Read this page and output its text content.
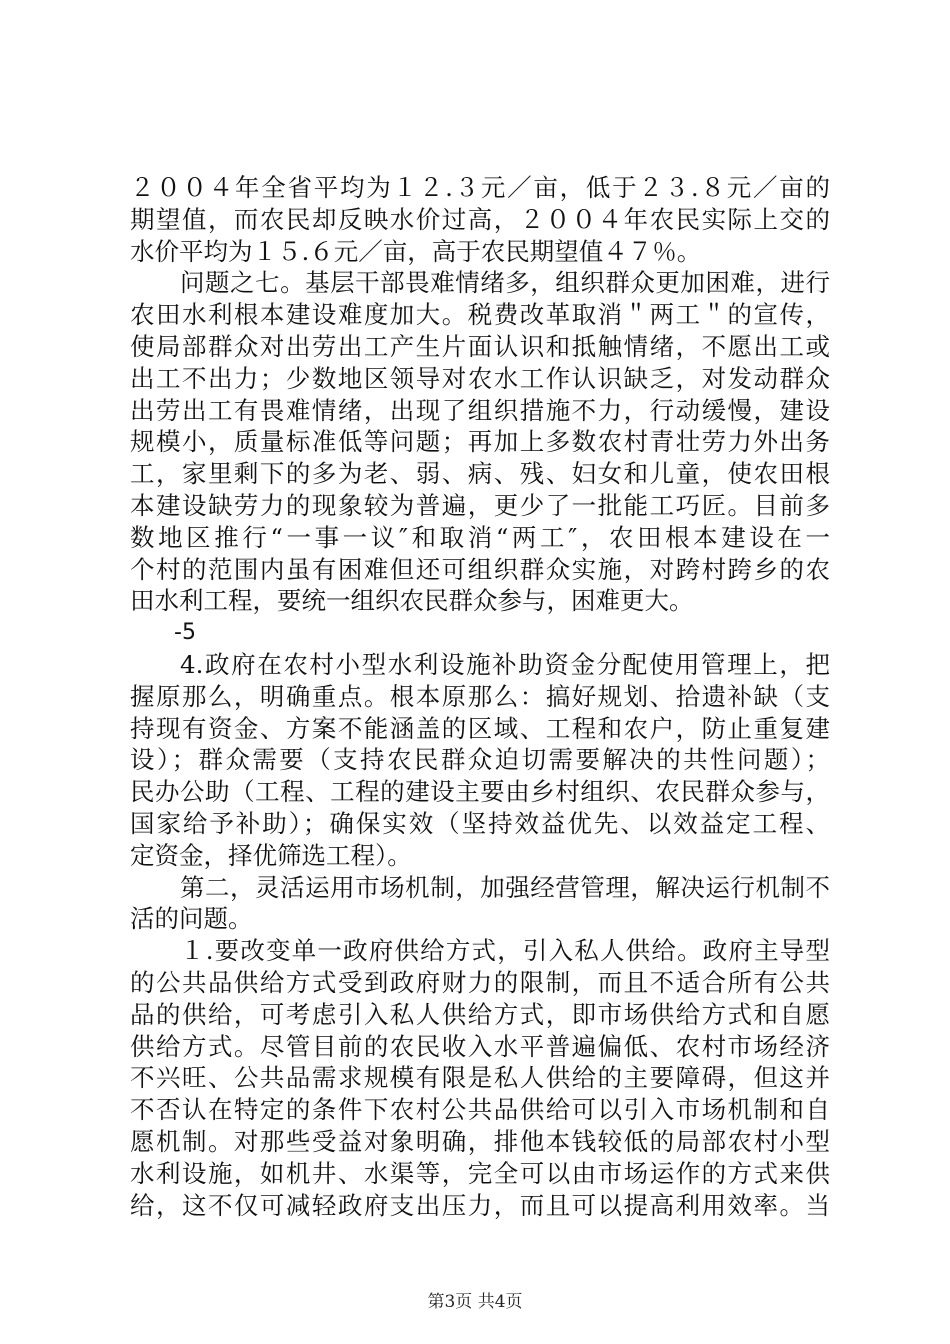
２００４年全省平均为１２.３元／亩，低于２３.８元／亩的
期望值，而农民却反映水价过高，２００４年农民实际上交的
水价平均为１５.６元／亩，高于农民期望值４７％。
问题之七。基层干部畏难情绪多，组织群众更加困难，进行
农田水利根本建设难度加大。税费改革取消＂两工＂的宣传，
使局部群众对出劳出工产生片面认识和抵触情绪，不愿出工或
出工不出力；少数地区领导对农水工作认识缺乏，对发动群众
出劳出工有畏难情绪，出现了组织措施不力，行动缓慢，建设
规模小，质量标准低等问题；再加上多数农村青壮劳力外出务
工，家里剩下的多为老、弱、病、残、妇女和儿童，使农田根
本建设缺劳力的现象较为普遍，更少了一批能工巧匠。目前多
数地区推行“一事一议″和取消“两工″，农田根本建设在一
个村的范围内虽有困难但还可组织群众实施，对跨村跨乡的农
田水利工程，要统一组织农民群众参与，困难更大。
-5
4.政府在农村小型水利设施补助资金分配使用管理上，把
握原那么，明确重点。根本原那么：搞好规划、拾遗补缺（支
持现有资金、方案不能涵盖的区域、工程和农户，防止重复建
设）；群众需要（支持农民群众迫切需要解决的共性问题）；
民办公助（工程、工程的建设主要由乡村组织、农民群众参与，
国家给予补助）；确保实效（坚持效益优先、以效益定工程、
定资金，择优筛选工程）。
第二，灵活运用市场机制，加强经营管理，解决运行机制不
活的问题。
１.要改变单一政府供给方式，引入私人供给。政府主导型
的公共品供给方式受到政府财力的限制，而且不适合所有公共
品的供给，可考虑引入私人供给方式，即市场供给方式和自愿
供给方式。尽管目前的农民收入水平普遍偏低、农村市场经济
不兴旺、公共品需求规模有限是私人供给的主要障碍，但这并
不否认在特定的条件下农村公共品供给可以引入市场机制和自
愿机制。对那些受益对象明确，排他本钱较低的局部农村小型
水利设施，如机井、水渠等，完全可以由市场运作的方式来供
给，这不仅可减轻政府支出压力，而且可以提高利用效率。当
第3页 共4页
